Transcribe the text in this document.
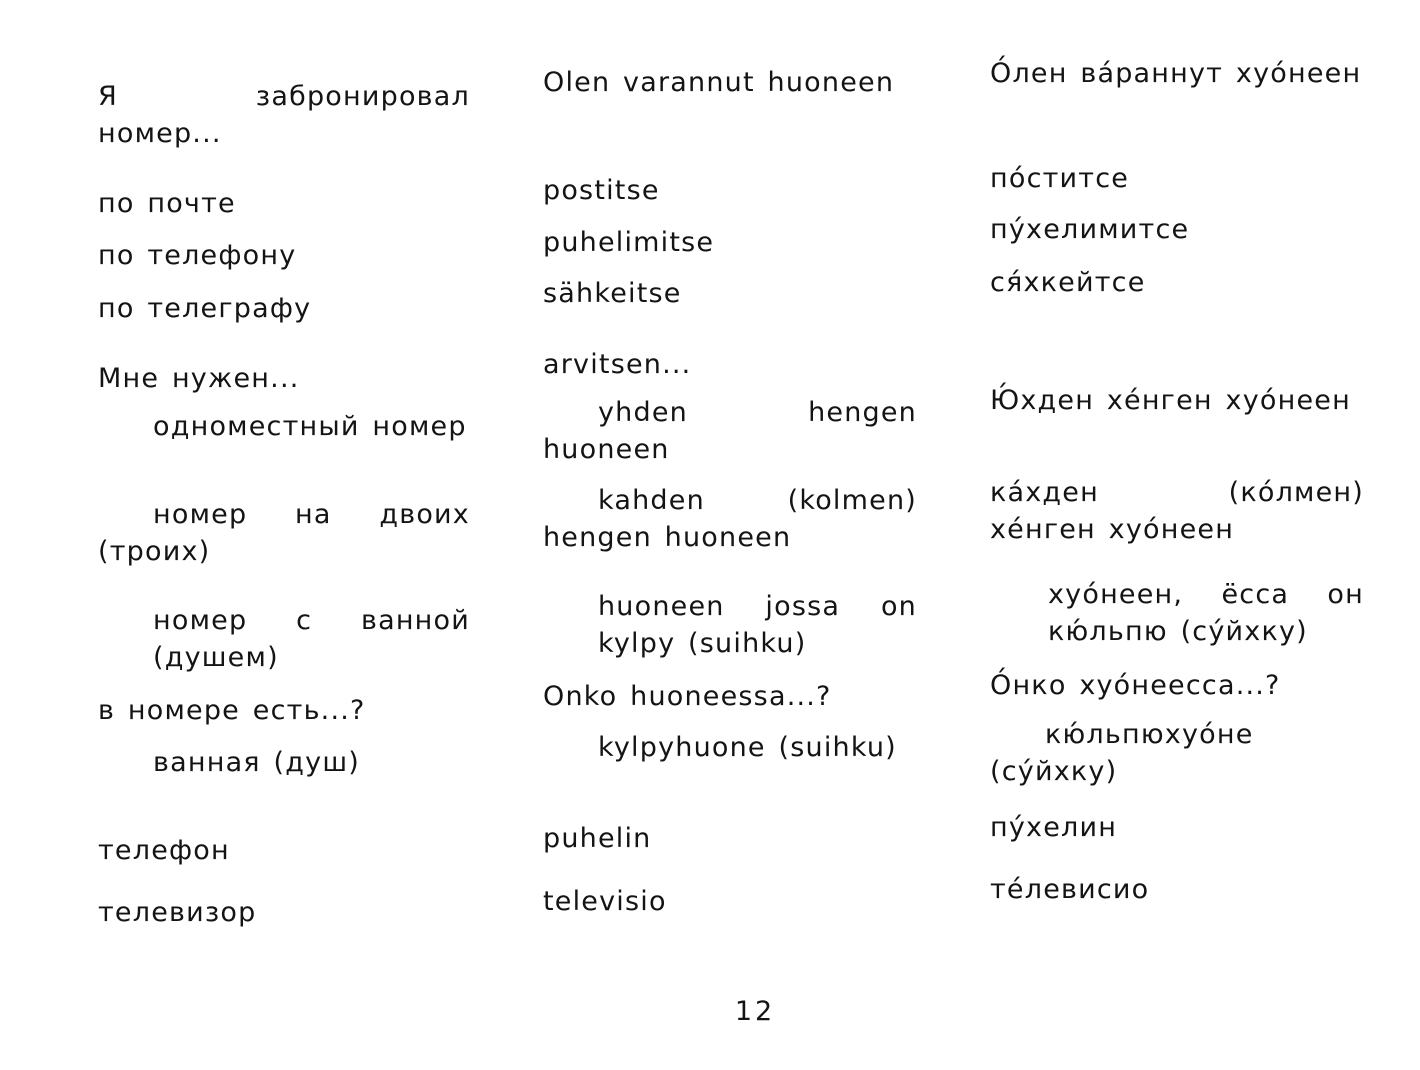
Я забронировал номер...

по почте

по телефону

по телеграфу

Мне нужен...

одноместный номер

номер на двоих (троих)

номер с ванной (душем)

в номере есть...?

ванная (душ)

телефон

телевизор

Olen varannut huoneen

postitse

puhelimitse

sähkeitse

arvitsen...

yhden hengen huoneen

kahden (kolmen) hengen huoneen

huoneen jossa on kylpy (suihku)

Onko huoneessa...?

kylpyhuone (suihku)

puhelin

televisio

О́лен ва́раннут хуо́неен

по́ститсе

пу́хелимитсе

ся́хкейтсе

Ю́хден хе́нген хуо́неен

ка́хден (ко́лмен) хе́нген хуо́неен

хуо́неен, ёсса он кю́льпю (су́йхку)

О́нко хуо́неесса...?

кю́льпюхуо́не (су́йхку)

пу́хелин

те́левисио

12
